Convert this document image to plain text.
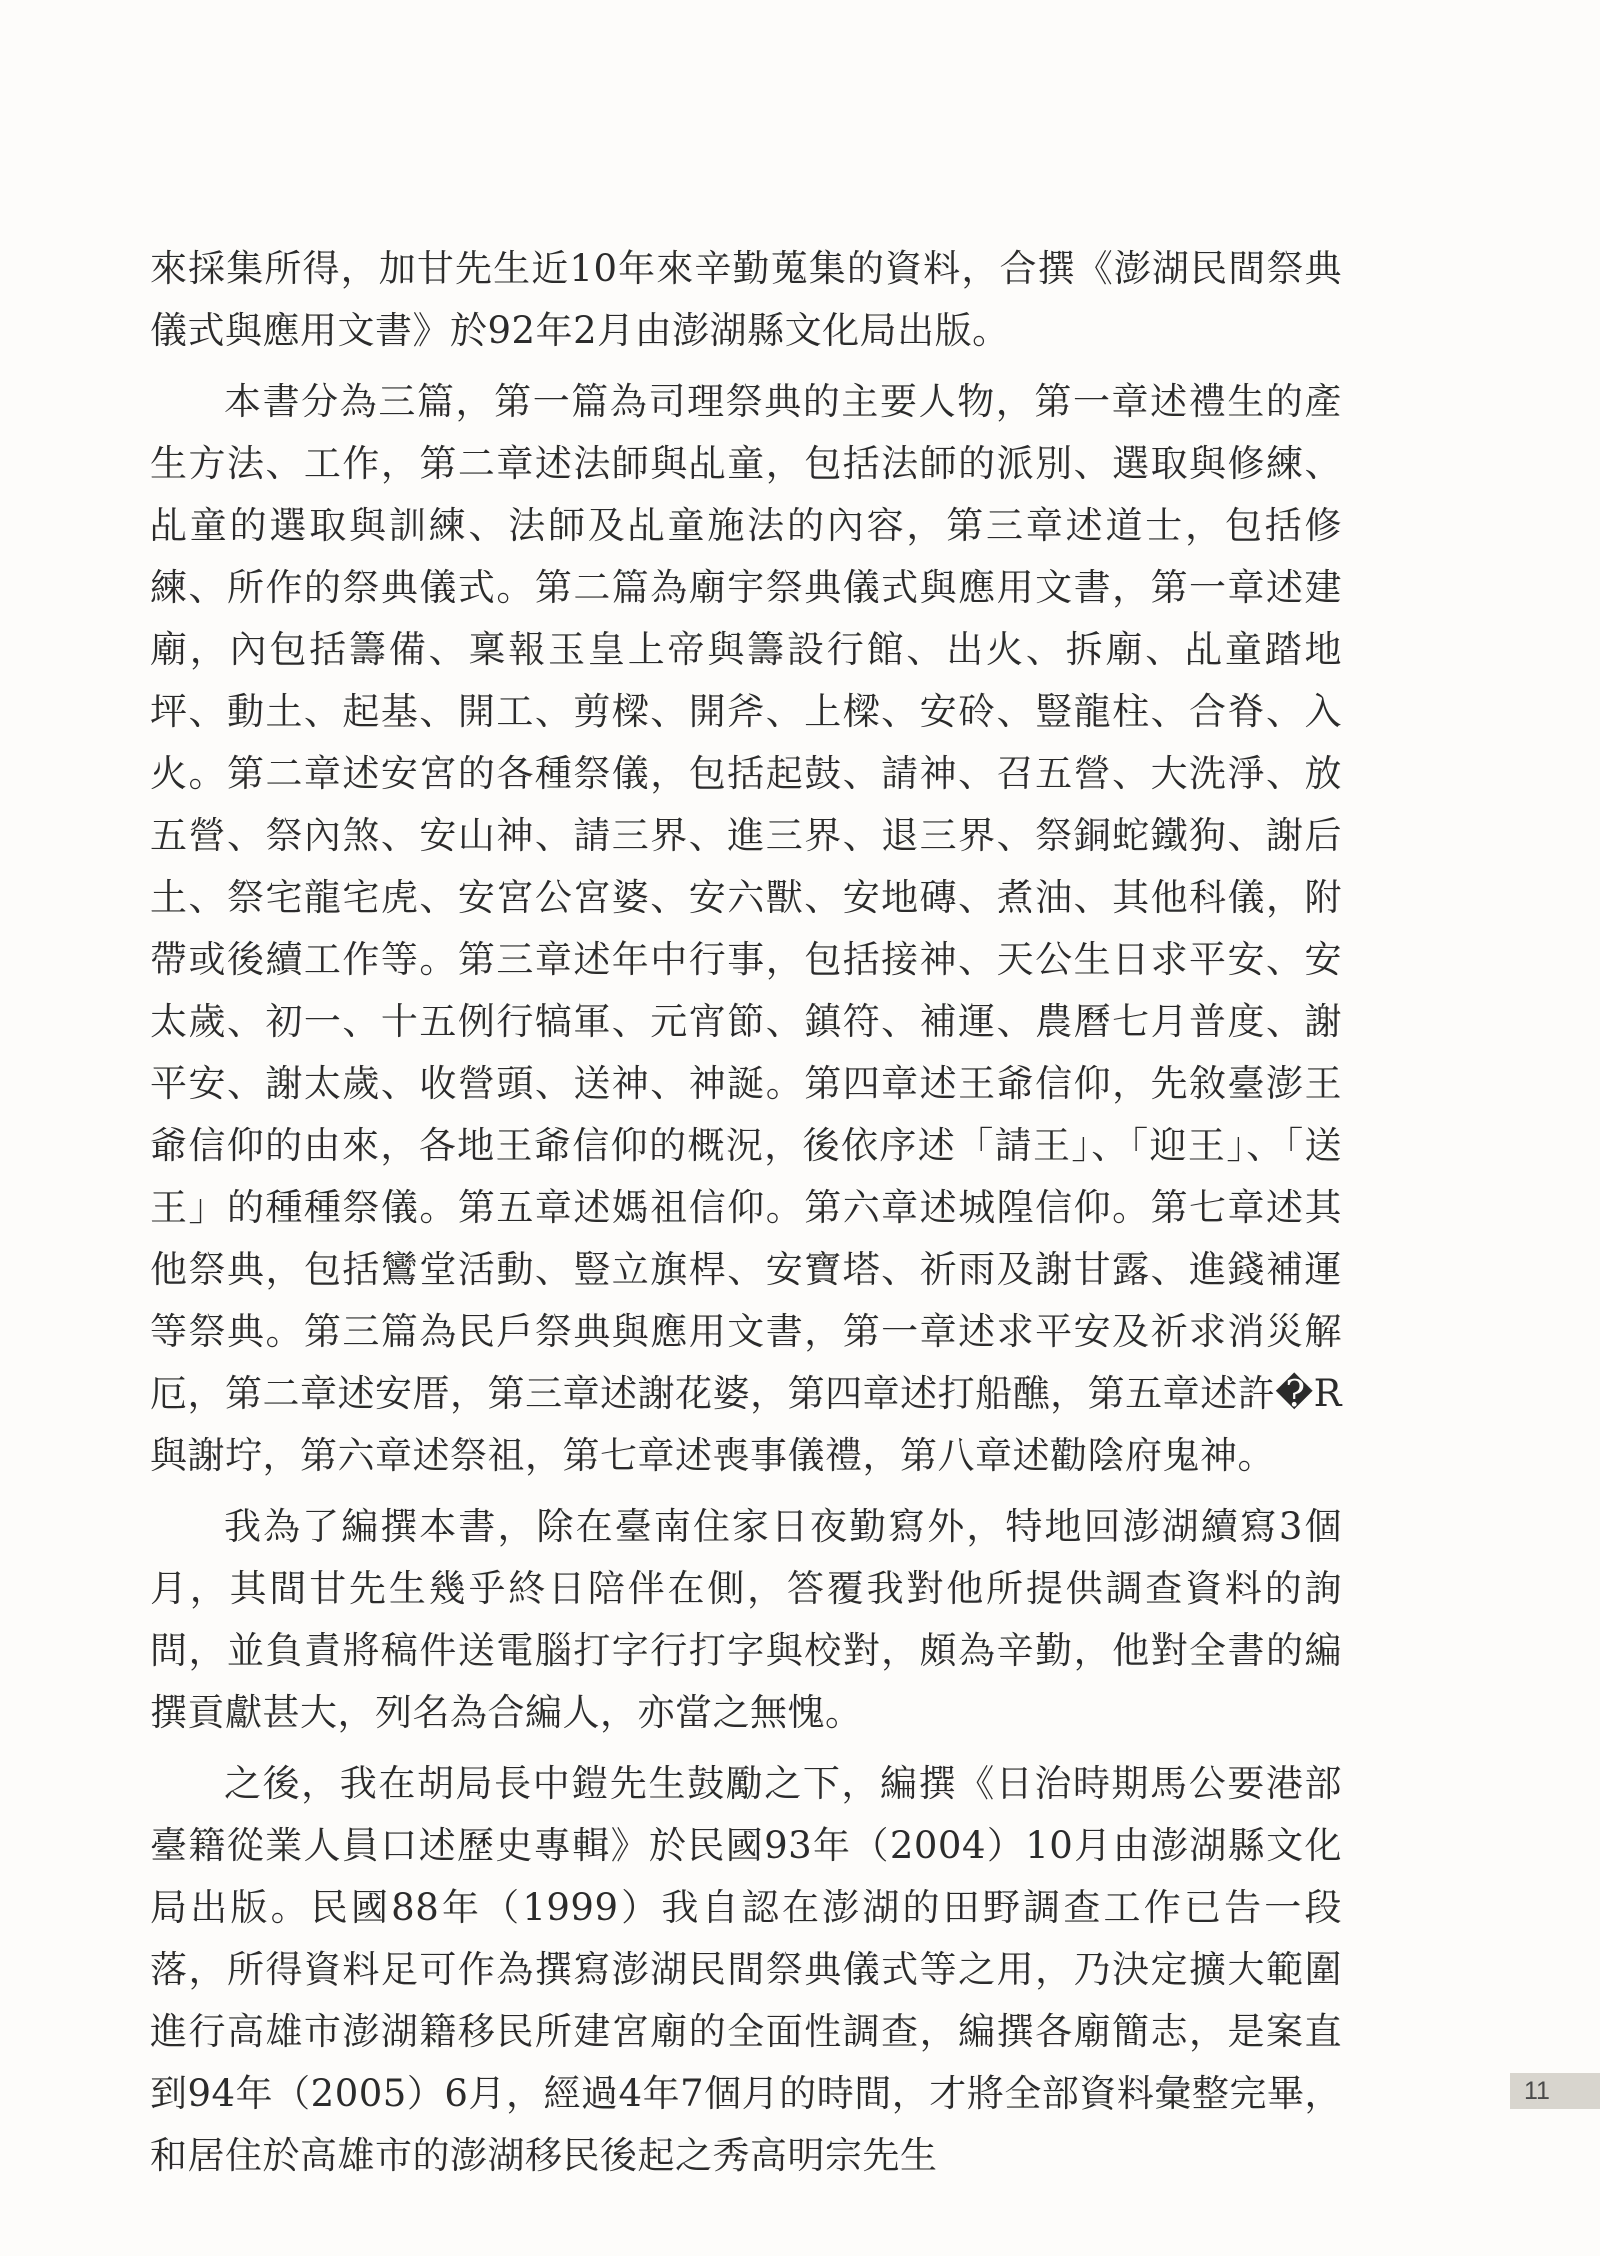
來採集所得，加甘先生近10年來辛勤蒐集的資料，合撰《澎湖民間祭典儀式與應用文書》於92年2月由澎湖縣文化局出版。

本書分為三篇，第一篇為司理祭典的主要人物，第一章述禮生的產生方法、工作，第二章述法師與乩童，包括法師的派別、選取與修練、乩童的選取與訓練、法師及乩童施法的內容，第三章述道士，包括修練、所作的祭典儀式。第二篇為廟宇祭典儀式與應用文書，第一章述建廟，內包括籌備、稟報玉皇上帝與籌設行館、出火、拆廟、乩童踏地坪、動土、起基、開工、剪樑、開斧、上樑、安砱、豎龍柱、合脊、入火。第二章述安宮的各種祭儀，包括起鼓、請神、召五營、大洗淨、放五營、祭內煞、安山神、請三界、進三界、退三界、祭銅蛇鐵狗、謝后土、祭宅龍宅虎、安宮公宮婆、安六獸、安地磚、煮油、其他科儀，附帶或後續工作等。第三章述年中行事，包括接神、天公生日求平安、安太歲、初一、十五例行犒軍、元宵節、鎮符、補運、農曆七月普度、謝平安、謝太歲、收營頭、送神、神誕。第四章述王爺信仰，先敘臺澎王爺信仰的由來，各地王爺信仰的概況，後依序述「請王」、「迎王」、「送王」的種種祭儀。第五章述媽祖信仰。第六章述城隍信仰。第七章述其他祭典，包括鸞堂活動、豎立旗桿、安寶塔、祈雨及謝甘露、進錢補運等祭典。第三篇為民戶祭典與應用文書，第一章述求平安及祈求消災解厄，第二章述安厝，第三章述謝花婆，第四章述打船醮，第五章述許�R與謝坾，第六章述祭祖，第七章述喪事儀禮，第八章述勸陰府鬼神。

我為了編撰本書，除在臺南住家日夜勤寫外，特地回澎湖續寫3個月，其間甘先生幾乎終日陪伴在側，答覆我對他所提供調查資料的詢問，並負責將稿件送電腦打字行打字與校對，頗為辛勤，他對全書的編撰貢獻甚大，列名為合編人，亦當之無愧。

之後，我在胡局長中鎧先生鼓勵之下，編撰《日治時期馬公要港部臺籍從業人員口述歷史專輯》於民國93年（2004）10月由澎湖縣文化局出版。民國88年（1999）我自認在澎湖的田野調查工作已告一段落，所得資料足可作為撰寫澎湖民間祭典儀式等之用，乃決定擴大範圍進行高雄市澎湖籍移民所建宮廟的全面性調查，編撰各廟簡志，是案直到94年（2005）6月，經過4年7個月的時間，才將全部資料彙整完畢，和居住於高雄市的澎湖移民後起之秀高明宗先生

11
